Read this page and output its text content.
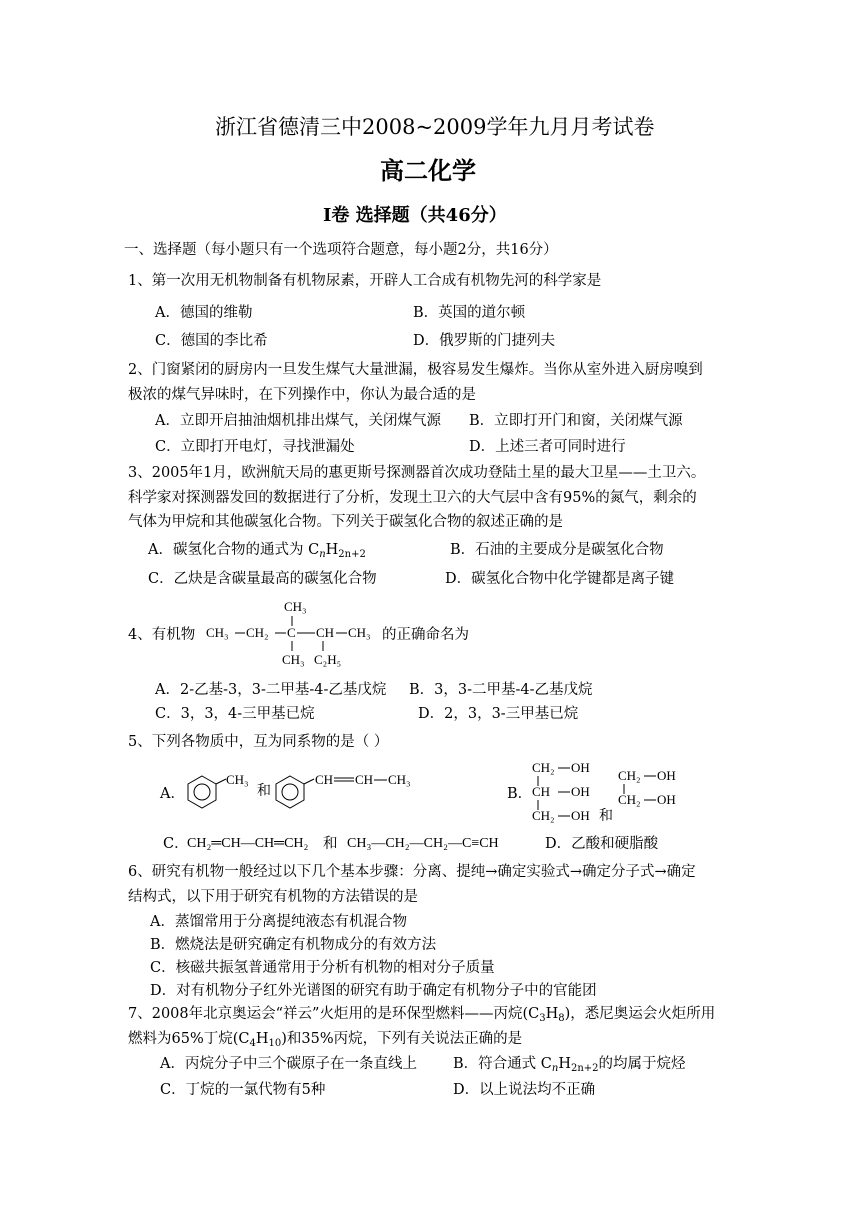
浙江省德清三中2008~2009学年九月月考试卷
高二化学
I卷 选择题（共46分）
一、选择题（每小题只有一个选项符合题意，每小题2分，共16分）
1、第一次用无机物制备有机物尿素，开辟人工合成有机物先河的科学家是
A．德国的维勒	B．英国的道尔顿
C．德国的李比希	D．俄罗斯的门捷列夫
2、门窗紧闭的厨房内一旦发生煤气大量泄漏，极容易发生爆炸。当你从室外进入厨房嗅到
极浓的煤气异味时，在下列操作中，你认为最合适的是
A．立即开启抽油烟机排出煤气，关闭煤气源 B．立即打开门和窗，关闭煤气源
C．立即打开电灯，寻找泄漏处	D．上述三者可同时进行
3、2005年1月，欧洲航天局的惠更斯号探测器首次成功登陆土星的最大卫星——土卫六。
科学家对探测器发回的数据进行了分析，发现土卫六的大气层中含有95%的氮气，剩余的
气体为甲烷和其他碳氢化合物。下列关于碳氢化合物的叙述正确的是
A．碳氢化合物的通式为 $C_nH_{2n+2}$	B．石油的主要成分是碳氢化合物
C．乙炔是含碳量最高的碳氢化合物	D．碳氢化合物中化学键都是离子键
4、有机物
CH₃
CH₃ CH₂ C CH CH₃
CH₃ C₂H₅
的正确命名为
A．2-乙基-3，3-二甲基-4-乙基戊烷 B．3，3-二甲基-4-乙基戊烷
C．3，3，4-三甲基已烷	D．2，3，3-三甲基已烷
5、下列各物质中，互为同系物的是（ ）
A．
CH₃
和
CH CH CH₃
B．
CH₂ OH
CH OH
CH₂ OH 和
CH₂ OH
CH₂ OH
C．
CH₂═CH—CH═CH₂ 和 CH₃—CH₂—CH₂—C≡CH	D．乙酸和硬脂酸
6、研究有机物一般经过以下几个基本步骤：分离、提纯→确定实验式→确定分子式→确定
结构式，以下用于研究有机物的方法错误的是
A．蒸馏常用于分离提纯液态有机混合物
B．燃烧法是研究确定有机物成分的有效方法
C．核磁共振氢普通常用于分析有机物的相对分子质量
D．对有机物分子红外光谱图的研究有助于确定有机物分子中的官能团
7、2008年北京奥运会“祥云”火炬用的是环保型燃料——丙烷$(C_3H_8)$，悉尼奥运会火炬所用
燃料为65%丁烷$(C_4H_{10})$和35%丙烷，下列有关说法正确的是
A．丙烷分子中三个碳原子在一条直线上 B．符合通式 $C_nH_{2n+2}$的均属于烷烃
C．丁烷的一氯代物有5种	D．以上说法均不正确
